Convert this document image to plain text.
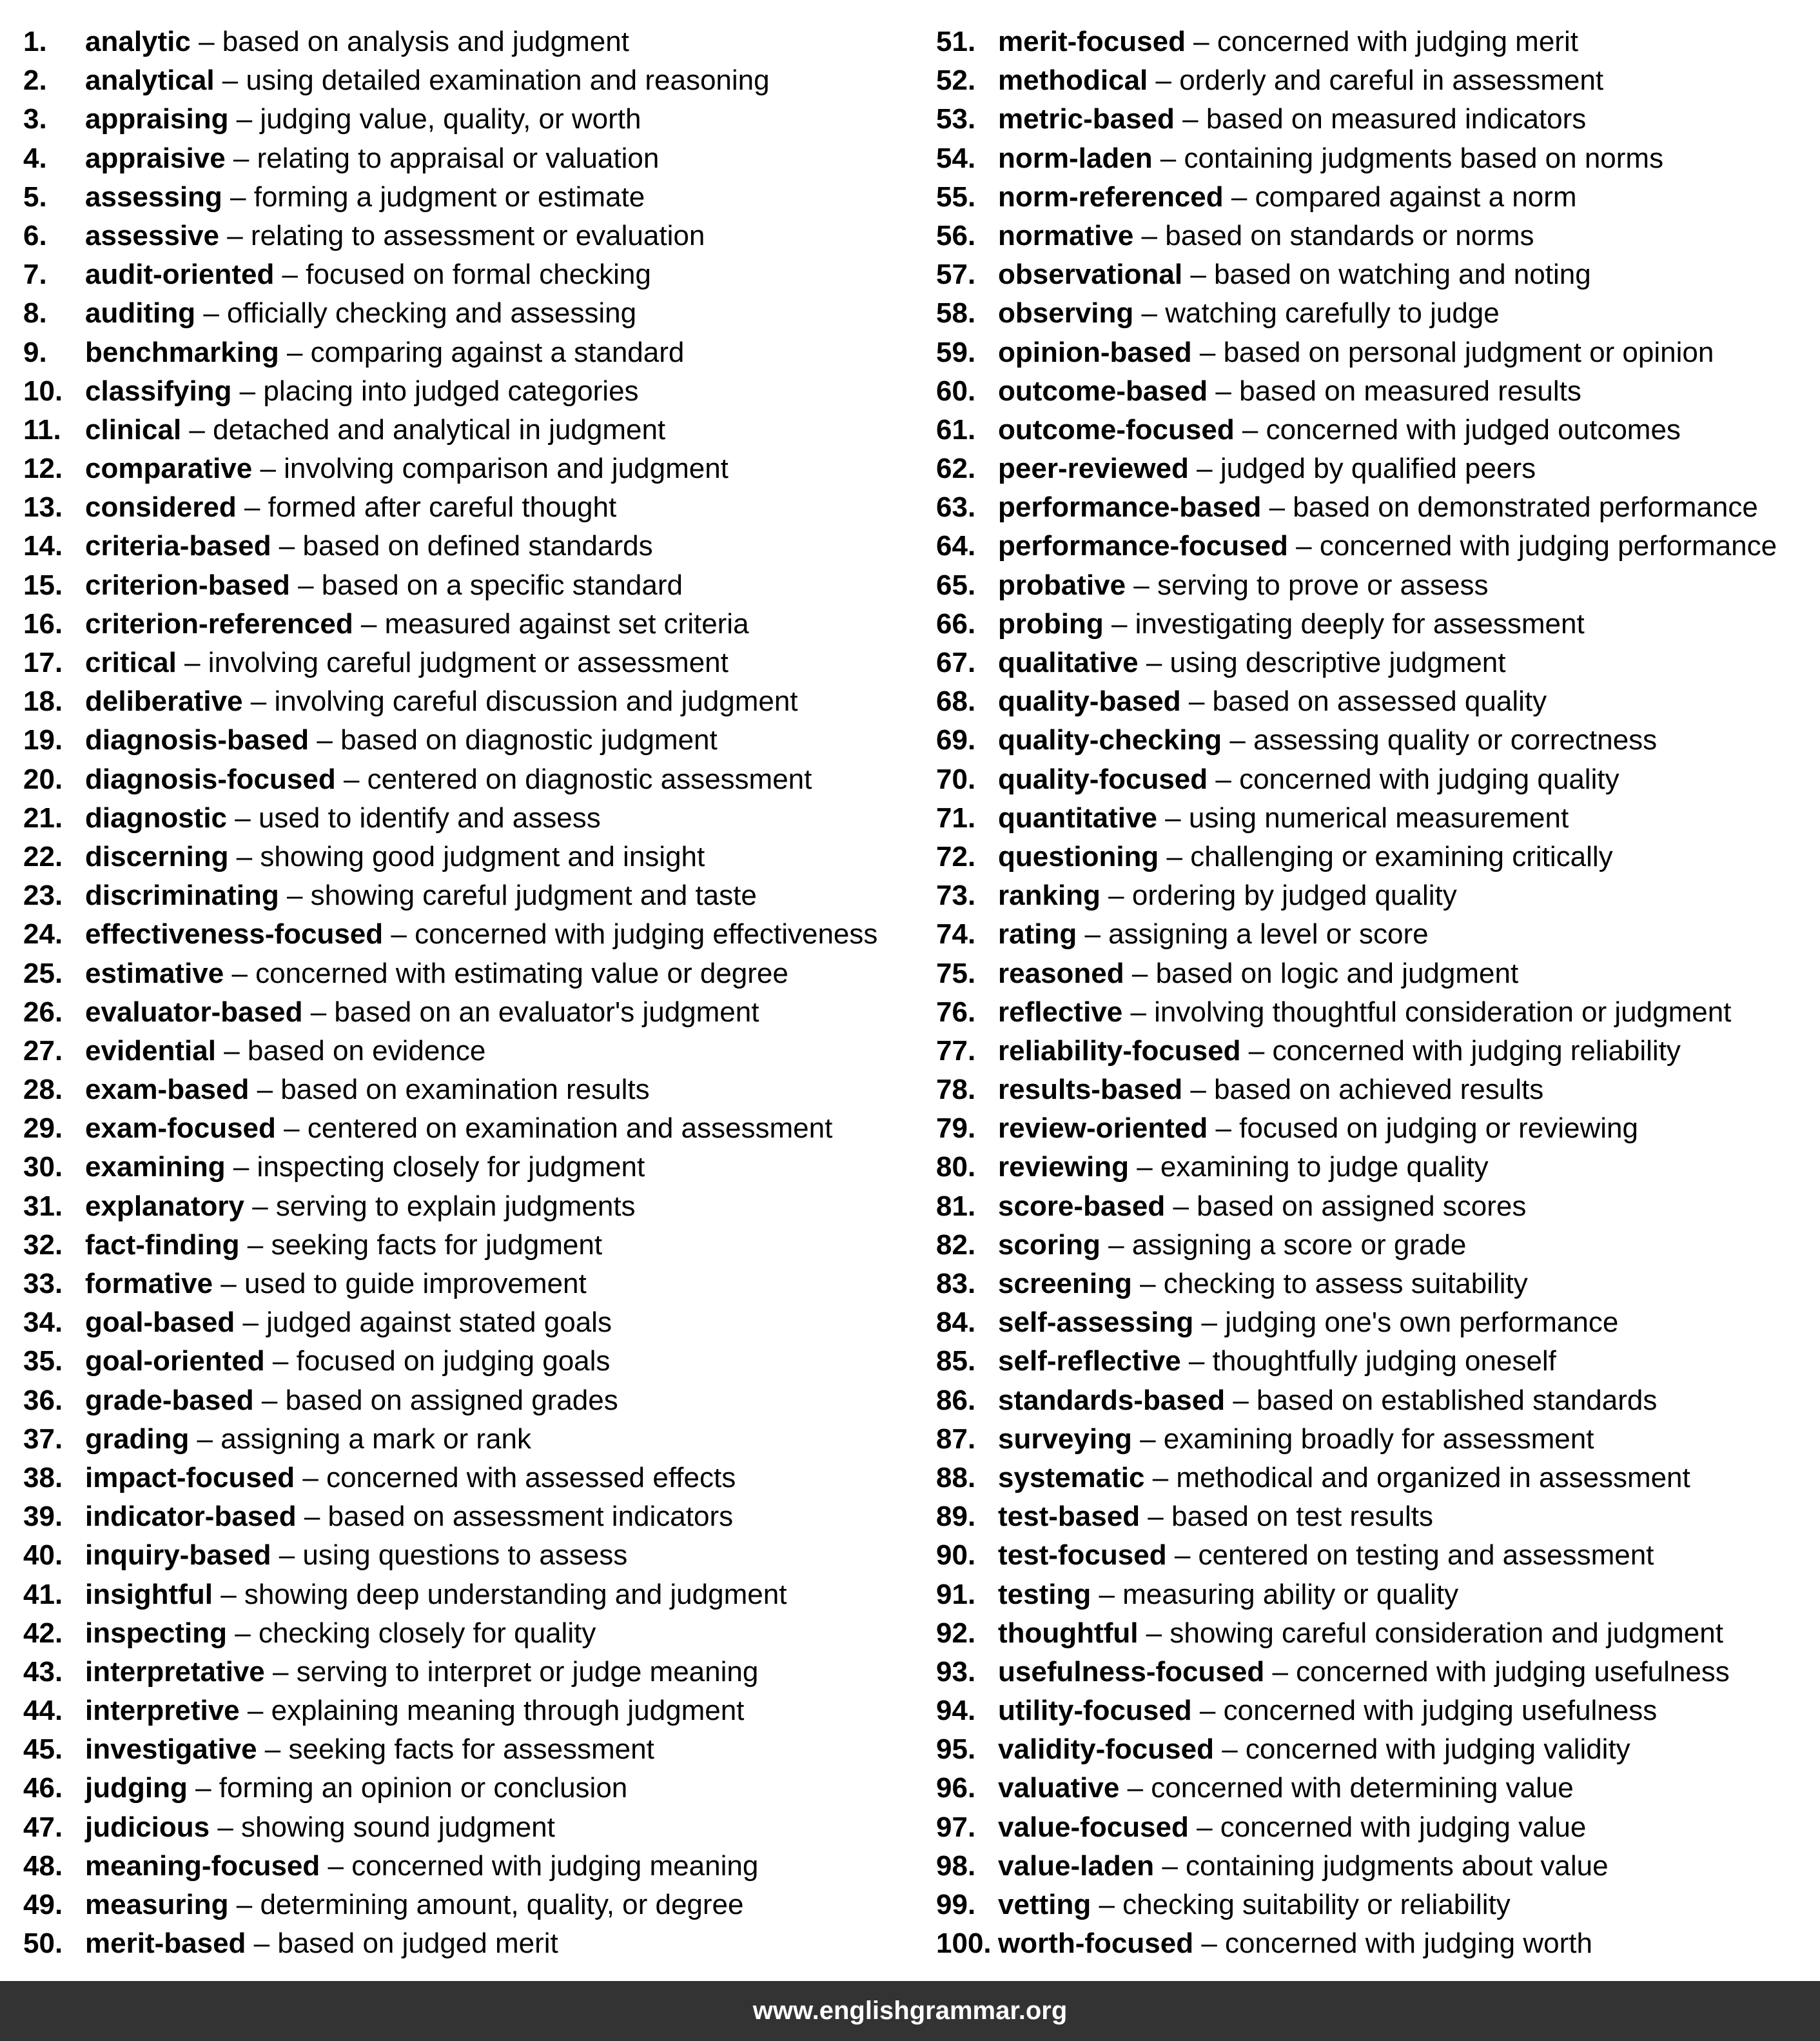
1.	analytic – based on analysis and judgment
2.	analytical – using detailed examination and reasoning
3.	appraising – judging value, quality, or worth
4.	appraisive – relating to appraisal or valuation
5.	assessing – forming a judgment or estimate
6.	assessive – relating to assessment or evaluation
7.	audit-oriented – focused on formal checking
8.	auditing – officially checking and assessing
9.	benchmarking – comparing against a standard
10. classifying – placing into judged categories
11. clinical – detached and analytical in judgment
12. comparative – involving comparison and judgment
13. considered – formed after careful thought
14. criteria-based – based on defined standards
15. criterion-based – based on a specific standard
16. criterion-referenced – measured against set criteria
17. critical – involving careful judgment or assessment
18. deliberative – involving careful discussion and judgment
19. diagnosis-based – based on diagnostic judgment
20. diagnosis-focused – centered on diagnostic assessment
21. diagnostic – used to identify and assess
22. discerning – showing good judgment and insight
23. discriminating – showing careful judgment and taste
24. effectiveness-focused – concerned with judging effectiveness
25. estimative – concerned with estimating value or degree
26. evaluator-based – based on an evaluator's judgment
27. evidential – based on evidence
28. exam-based – based on examination results
29. exam-focused – centered on examination and assessment
30. examining – inspecting closely for judgment
31. explanatory – serving to explain judgments
32. fact-finding – seeking facts for judgment
33. formative – used to guide improvement
34. goal-based – judged against stated goals
35. goal-oriented – focused on judging goals
36. grade-based – based on assigned grades
37. grading – assigning a mark or rank
38. impact-focused – concerned with assessed effects
39. indicator-based – based on assessment indicators
40. inquiry-based – using questions to assess
41. insightful – showing deep understanding and judgment
42. inspecting – checking closely for quality
43. interpretative – serving to interpret or judge meaning
44. interpretive – explaining meaning through judgment
45. investigative – seeking facts for assessment
46. judging – forming an opinion or conclusion
47. judicious – showing sound judgment
48. meaning-focused – concerned with judging meaning
49. measuring – determining amount, quality, or degree
50. merit-based – based on judged merit
51. merit-focused – concerned with judging merit
52. methodical – orderly and careful in assessment
53. metric-based – based on measured indicators
54. norm-laden – containing judgments based on norms
55. norm-referenced – compared against a norm
56. normative – based on standards or norms
57. observational – based on watching and noting
58. observing – watching carefully to judge
59. opinion-based – based on personal judgment or opinion
60. outcome-based – based on measured results
61. outcome-focused – concerned with judged outcomes
62. peer-reviewed – judged by qualified peers
63. performance-based – based on demonstrated performance
64. performance-focused – concerned with judging performance
65. probative – serving to prove or assess
66. probing – investigating deeply for assessment
67. qualitative – using descriptive judgment
68. quality-based – based on assessed quality
69. quality-checking – assessing quality or correctness
70. quality-focused – concerned with judging quality
71. quantitative – using numerical measurement
72. questioning – challenging or examining critically
73. ranking – ordering by judged quality
74. rating – assigning a level or score
75. reasoned – based on logic and judgment
76. reflective – involving thoughtful consideration or judgment
77. reliability-focused – concerned with judging reliability
78. results-based – based on achieved results
79. review-oriented – focused on judging or reviewing
80. reviewing – examining to judge quality
81. score-based – based on assigned scores
82. scoring – assigning a score or grade
83. screening – checking to assess suitability
84. self-assessing – judging one's own performance
85. self-reflective – thoughtfully judging oneself
86. standards-based – based on established standards
87. surveying – examining broadly for assessment
88. systematic – methodical and organized in assessment
89. test-based – based on test results
90. test-focused – centered on testing and assessment
91. testing – measuring ability or quality
92. thoughtful – showing careful consideration and judgment
93. usefulness-focused – concerned with judging usefulness
94. utility-focused – concerned with judging usefulness
95. validity-focused – concerned with judging validity
96. valuative – concerned with determining value
97. value-focused – concerned with judging value
98. value-laden – containing judgments about value
99. vetting – checking suitability or reliability
100. worth-focused – concerned with judging worth
www.englishgrammar.org
